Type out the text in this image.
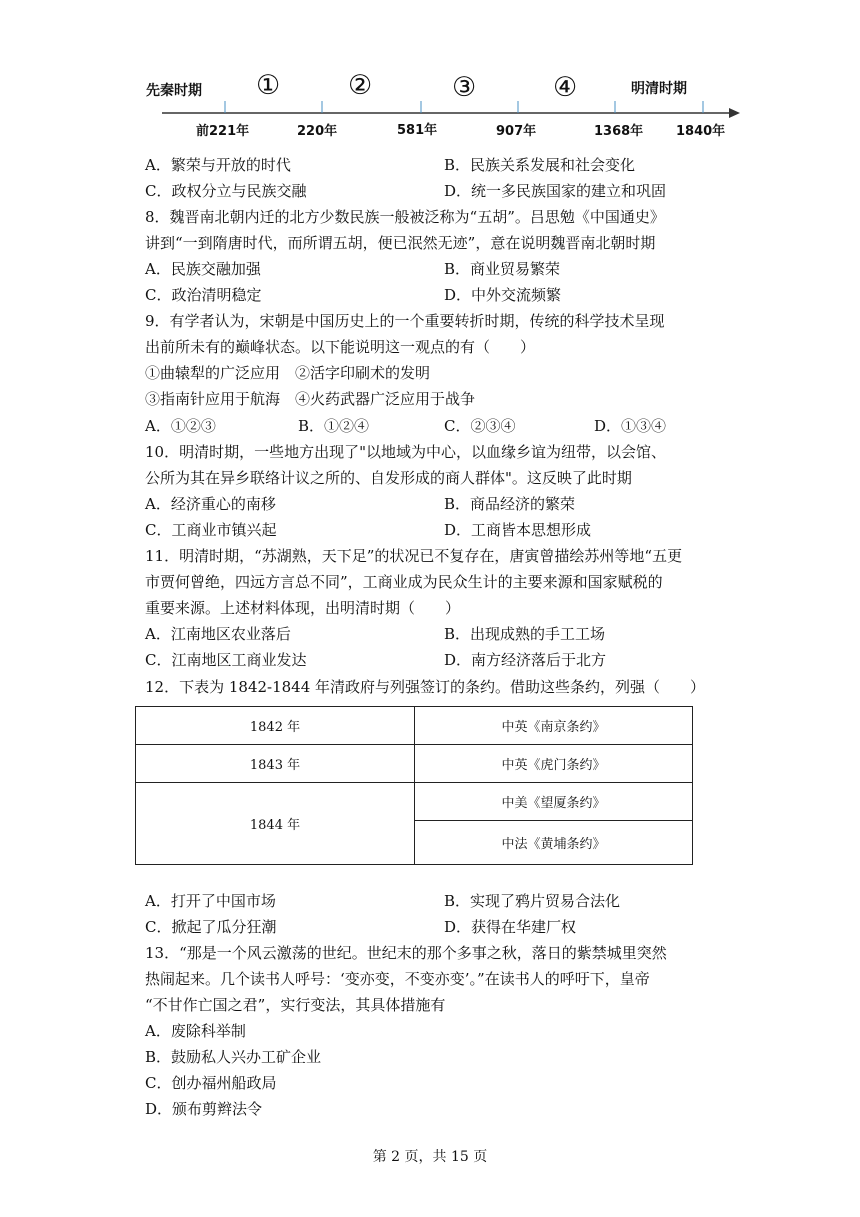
先秦时期	明清时期
①	②	③	④
前221年	220年	581年	907年	1368年	1840年
A．繁荣与开放的时代	B．民族关系发展和社会变化
C．政权分立与民族交融	D．统一多民族国家的建立和巩固
8．魏晋南北朝内迁的北方少数民族一般被泛称为“五胡”。吕思勉《中国通史》
讲到“一到隋唐时代，而所谓五胡，便已泯然无迹”，意在说明魏晋南北朝时期
A．民族交融加强	B．商业贸易繁荣
C．政治清明稳定	D．中外交流频繁
9．有学者认为，宋朝是中国历史上的一个重要转折时期，传统的科学技术呈现
出前所未有的巅峰状态。以下能说明这一观点的有（　　）
①曲辕犁的广泛应用　②活字印刷术的发明
③指南针应用于航海　④火药武器广泛应用于战争
A．①②③	B．①②④	C．②③④	D．①③④
10．明清时期，一些地方出现了"以地域为中心，以血缘乡谊为纽带，以会馆、
公所为其在异乡联络计议之所的、自发形成的商人群体"。这反映了此时期
A．经济重心的南移	B．商品经济的繁荣
C．工商业市镇兴起	D．工商皆本思想形成
11．明清时期，“苏湖熟，天下足”的状况已不复存在，唐寅曾描绘苏州等地“五更
市贾何曾绝，四远方言总不同”，工商业成为民众生计的主要来源和国家赋税的
重要来源。上述材料体现，出明清时期（　　）
A．江南地区农业落后	B．出现成熟的手工工场
C．江南地区工商业发达	D．南方经济落后于北方
12．下表为 1842-1844 年清政府与列强签订的条约。借助这些条约，列强（　　）
1842 年	中英《南京条约》
1843 年	中英《虎门条约》
1844 年	中美《望厦条约》
	中法《黄埔条约》
A．打开了中国市场	B．实现了鸦片贸易合法化
C．掀起了瓜分狂潮	D．获得在华建厂权
13．“那是一个风云激荡的世纪。世纪末的那个多事之秋，落日的紫禁城里突然
热闹起来。几个读书人呼号：‘变亦变，不变亦变’。”在读书人的呼吁下，皇帝
“不甘作亡国之君”，实行变法，其具体措施有
A．废除科举制
B．鼓励私人兴办工矿企业
C．创办福州船政局
D．颁布剪辫法令
第 2 页，共 15 页
